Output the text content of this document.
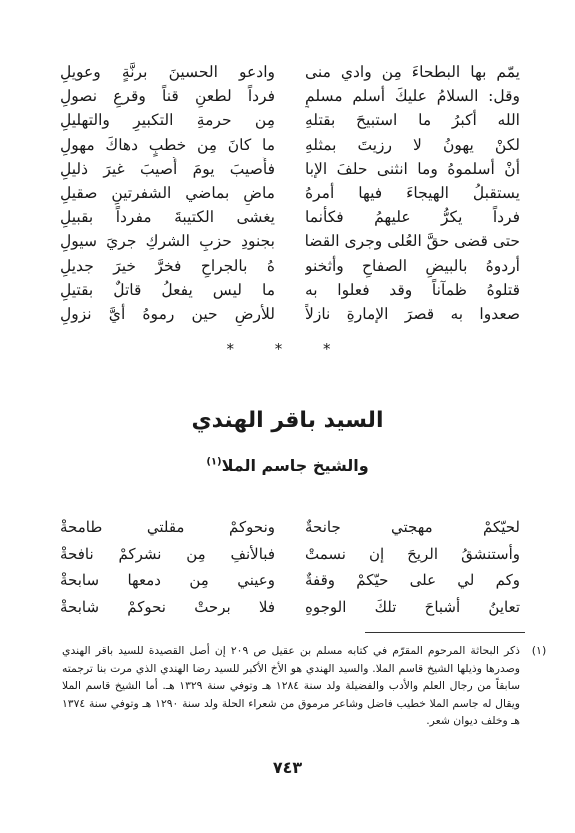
يمّم بها البطحاءَ مِن وادي منى
وادعو الحسينَ برنَّةٍ وعويلِ
وقل: السلامُ عليكَ أسلم مسلمٍ
فرداً لطعنِ قناً وقرعِ نصولِ
الله أكبرُ ما استبيحَ بقتلهِ
مِن حرمةِ التكبيرِ والتهليلِ
لكنْ يهونُ لا رزيتَ بمثلهِ
ما كانَ مِن خطبٍ دهاكَ مهولِ
أنْ أسلموهُ وما انثنى حلفَ الإبا
فأُصيبَ يومَ أُصيبَ غيرَ ذليلِ
يستقبلُ الهيجاءَ فيها أمرهُ
ماضٍ بماضي الشفرتينِ صقيلِ
فرداً يكرُّ عليهمُ فكأنما
يغشى الكتيبةَ مفرداً بقبيلِ
حتى قضى حقَّ العُلى وجرى القضا
بجنودِ حزبِ الشركِ جريَ سيولِ
أردوهُ بالبيضِ الصفاحِ وأثخنو
هُ بالجراحِ فخرَّ خيرَ جديلِ
قتلوهُ ظمآناً وقد فعلوا به
ما ليس يفعلُ قاتلٌ بقتيلِ
صعدوا به قصرَ الإمارةِ نازلاً
للأرضِ حين رموهُ أيَّ نزولِ
* * *
السيد باقر الهندي
والشيخ جاسم الملا$^{(١)}$
لحيّكمْ مهجتي جانحةٌ
ونحوكمْ مقلتي طامحةْ
وأستنشقُ الريحَ إن نسمتْ
فبالأنفِ مِن نشركمْ نافحةْ
وكم لي على حيّكمْ وقفةٌ
وعيني مِن دمعها سابحةْ
تعاينُ أشباحَ تلكَ الوجوهِ
فلا برحتْ نحوكمْ شابحةْ
(١)
ذكر البحاثة المرحوم المقرّم في كتابه مسلم بن عقيل ص ٢٠٩ إن أصل القصيدة للسيد باقر الهندي وصدرها وذيلها الشيخ قاسم الملا. والسيد الهندي هو الأخ الأكبر للسيد رضا الهندي الذي مرت بنا ترجمته سابقاً من رجال العلم والأدب والفضيلة ولد سنة ١٢٨٤ هـ وتوفي سنة ١٣٢٩ هـ. أما الشيخ قاسم الملا ويقال له جاسم الملا خطيب فاضل وشاعر مرموق من شعراء الحلة ولد سنة ١٢٩٠ هـ وتوفي سنة ١٣٧٤ هـ وخلف ديوان شعر.
٧٤٣
